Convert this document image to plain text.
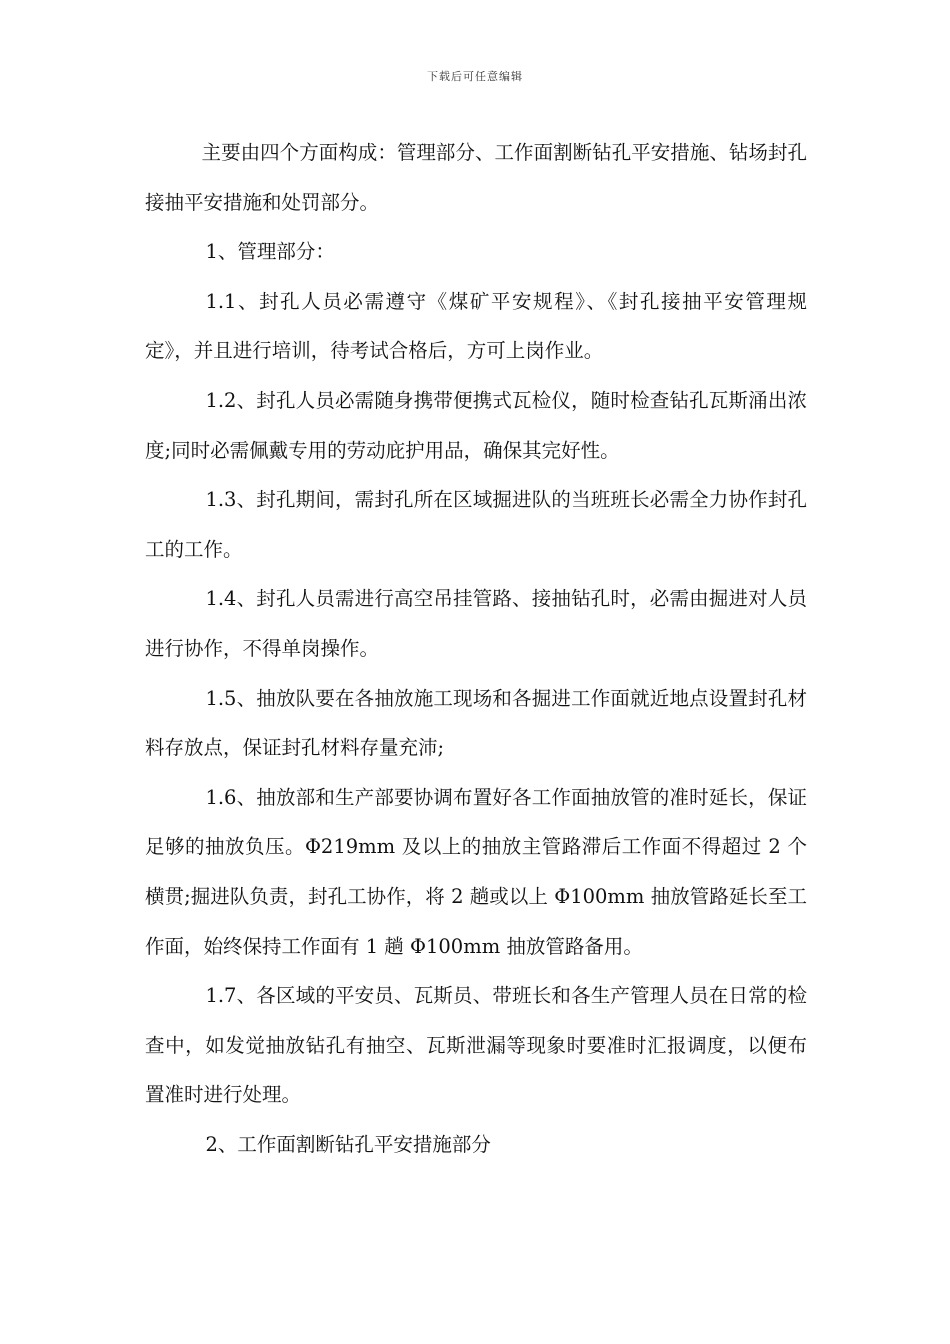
下载后可任意编辑

主要由四个方面构成：管理部分、工作面割断钻孔平安措施、钻场封孔接抽平安措施和处罚部分。

1、管理部分：

1.1、封孔人员必需遵守《煤矿平安规程》、《封孔接抽平安管理规定》，并且进行培训，待考试合格后，方可上岗作业。

1.2、封孔人员必需随身携带便携式瓦检仪，随时检查钻孔瓦斯涌出浓度;同时必需佩戴专用的劳动庇护用品，确保其完好性。

1.3、封孔期间，需封孔所在区域掘进队的当班班长必需全力协作封孔工的工作。

1.4、封孔人员需进行高空吊挂管路、接抽钻孔时，必需由掘进对人员进行协作，不得单岗操作。

1.5、抽放队要在各抽放施工现场和各掘进工作面就近地点设置封孔材料存放点，保证封孔材料存量充沛;

1.6、抽放部和生产部要协调布置好各工作面抽放管的准时延长，保证足够的抽放负压。Φ219mm 及以上的抽放主管路滞后工作面不得超过 2 个横贯;掘进队负责，封孔工协作，将 2 趟或以上 Φ100mm 抽放管路延长至工作面，始终保持工作面有 1 趟 Φ100mm 抽放管路备用。

1.7、各区域的平安员、瓦斯员、带班长和各生产管理人员在日常的检查中，如发觉抽放钻孔有抽空、瓦斯泄漏等现象时要准时汇报调度，以便布置准时进行处理。

2、工作面割断钻孔平安措施部分
